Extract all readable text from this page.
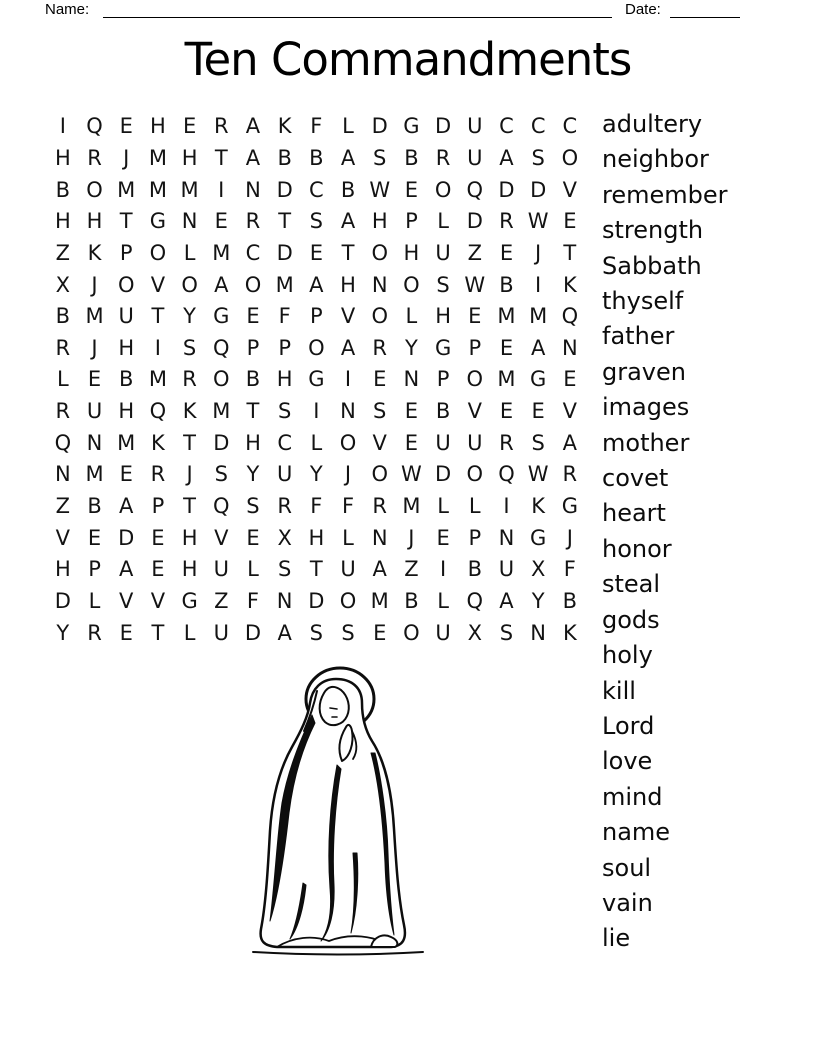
Name:	Date:
Ten Commandments
I Q E H E R A K F L D G D U C C C
H R	J M H T A B B A S B R U A S O
B O M M M I N D C B W E O Q D D V
H H T G N E R T S A H P L D R W E
Z K P O L M C D E T O H U Z E	J	T
X	J O V O A O M A H N O S W B	I	K
B M U T Y G E F P V O L H E M M Q
R	J H I	S Q P P O A R Y G P E A N
L E B M R O B H G I	E N P O M G E
R U H Q K M T S	I N S E B V E E V
Q N M K T D H C L O V E U U R S A
N M E R	J	S Y U Y	J O W D O Q W R
Z B A P T Q S R F F R M L L	I	K G
V E D E H V E X H L N J	E P N G J
H P A E H U L S T U A Z	I	B U X F
D L V V G Z F N D O M B L Q A Y B
Y R E T L U D A S S E O U X S N K
adultery
neighbor
remember
strength
Sabbath
thyself
father
graven
images
mother
covet
heart
honor
steal
gods
holy
kill
Lord
love
mind
name
soul
vain
lie
